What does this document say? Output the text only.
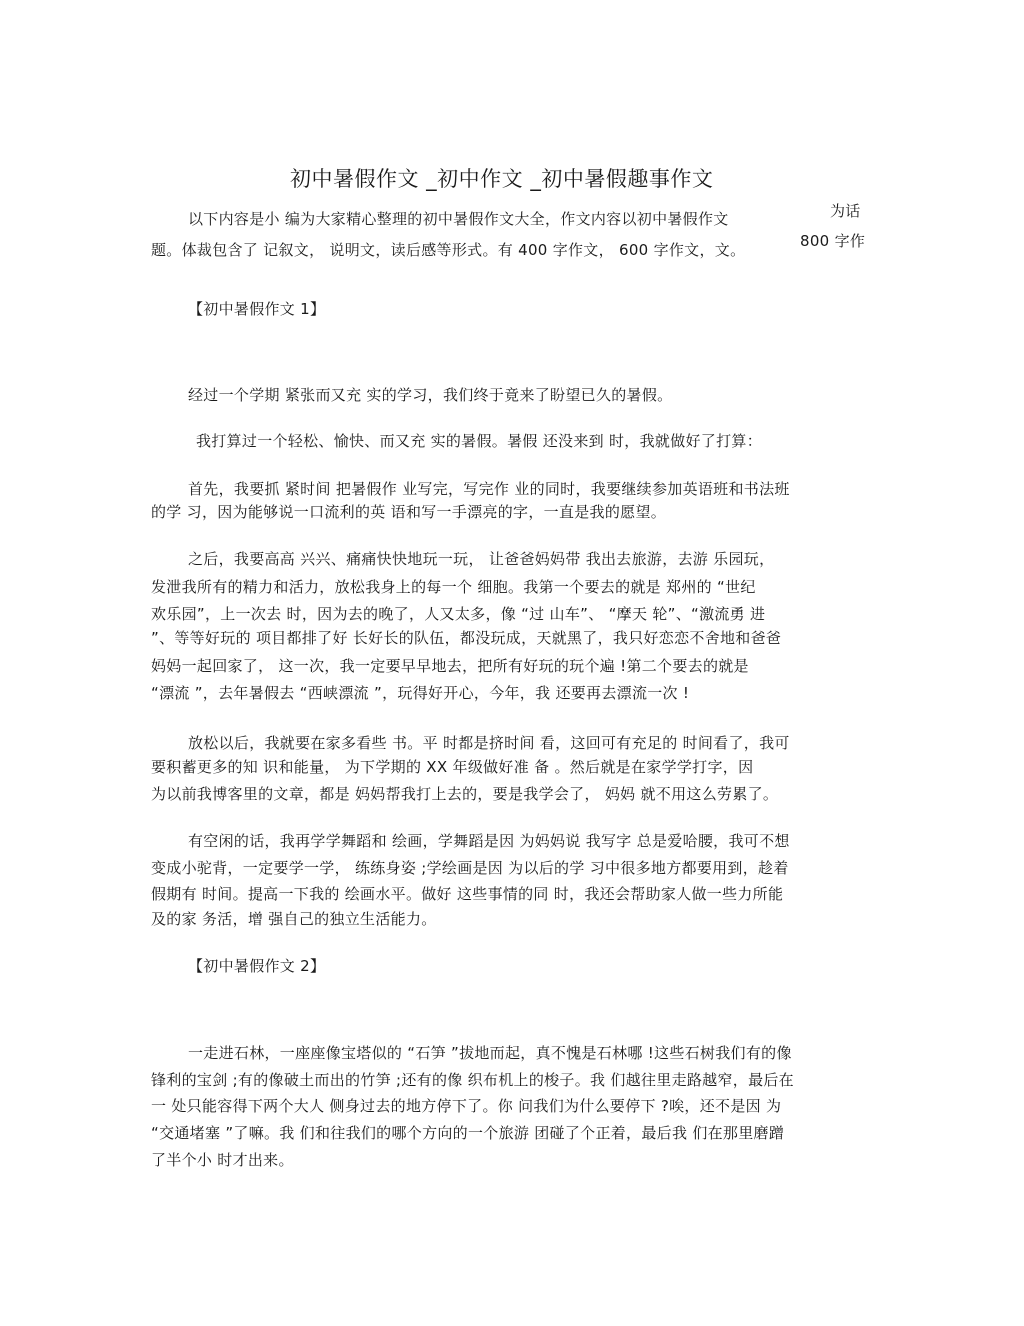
初中暑假作文 _初中作文 _初中暑假趣事作文
以下内容是小 编为大家精心整理的初中暑假作文大全，作文内容以初中暑假作文	为话
题。体裁包含了 记叙文， 说明文，读后感等形式。有 400 字作文， 600 字作文，文。	800 字作
【初中暑假作文 1】
经过一个学期 紧张而又充 实的学习，我们终于竟来了盼望已久的暑假。
我打算过一个轻松、愉快、而又充 实的暑假。暑假 还没来到 时，我就做好了打算：
首先，我要抓 紧时间 把暑假作 业写完，写完作 业的同时，我要继续参加英语班和书法班
的学 习，因为能够说一口流利的英 语和写一手漂亮的字，一直是我的愿望。
之后，我要高高 兴兴、痛痛快快地玩一玩， 让爸爸妈妈带 我出去旅游，去游 乐园玩，
发泄我所有的精力和活力，放松我身上的每一个 细胞。我第一个要去的就是 郑州的 “世纪
欢乐园”，上一次去 时，因为去的晚了，人又太多，像 “过 山车”、 “摩天 轮”、“激流勇 进
”、等等好玩的 项目都排了好 长好长的队伍，都没玩成，天就黑了，我只好恋恋不舍地和爸爸
妈妈一起回家了， 这一次，我一定要早早地去，把所有好玩的玩个遍 !第二个要去的就是
“漂流 ”，去年暑假去 “西峡漂流 ”，玩得好开心，今年，我 还要再去漂流一次 !
放松以后，我就要在家多看些 书。平 时都是挤时间 看，这回可有充足的 时间看了，我可
要积蓄更多的知 识和能量， 为下学期的 XX 年级做好准 备 。然后就是在家学学打字，因
为以前我博客里的文章，都是 妈妈帮我打上去的，要是我学会了， 妈妈 就不用这么劳累了。
有空闲的话，我再学学舞蹈和 绘画，学舞蹈是因 为妈妈说 我写字 总是爱哈腰，我可不想
变成小驼背，一定要学一学， 练练身姿 ;学绘画是因 为以后的学 习中很多地方都要用到，趁着
假期有 时间。提高一下我的 绘画水平。做好 这些事情的同 时，我还会帮助家人做一些力所能
及的家 务活，增 强自己的独立生活能力。
【初中暑假作文 2】
一走进石林，一座座像宝塔似的 “石笋 ”拔地而起，真不愧是石林哪 !这些石树我们有的像
锋利的宝剑 ;有的像破土而出的竹笋 ;还有的像 织布机上的梭子。我 们越往里走路越窄，最后在
一 处只能容得下两个大人 侧身过去的地方停下了。你 问我们为什么要停下 ?唉，还不是因 为
“交通堵塞 ”了嘛。我 们和往我们的哪个方向的一个旅游 团碰了个正着，最后我 们在那里磨蹭
了半个小 时才出来。
